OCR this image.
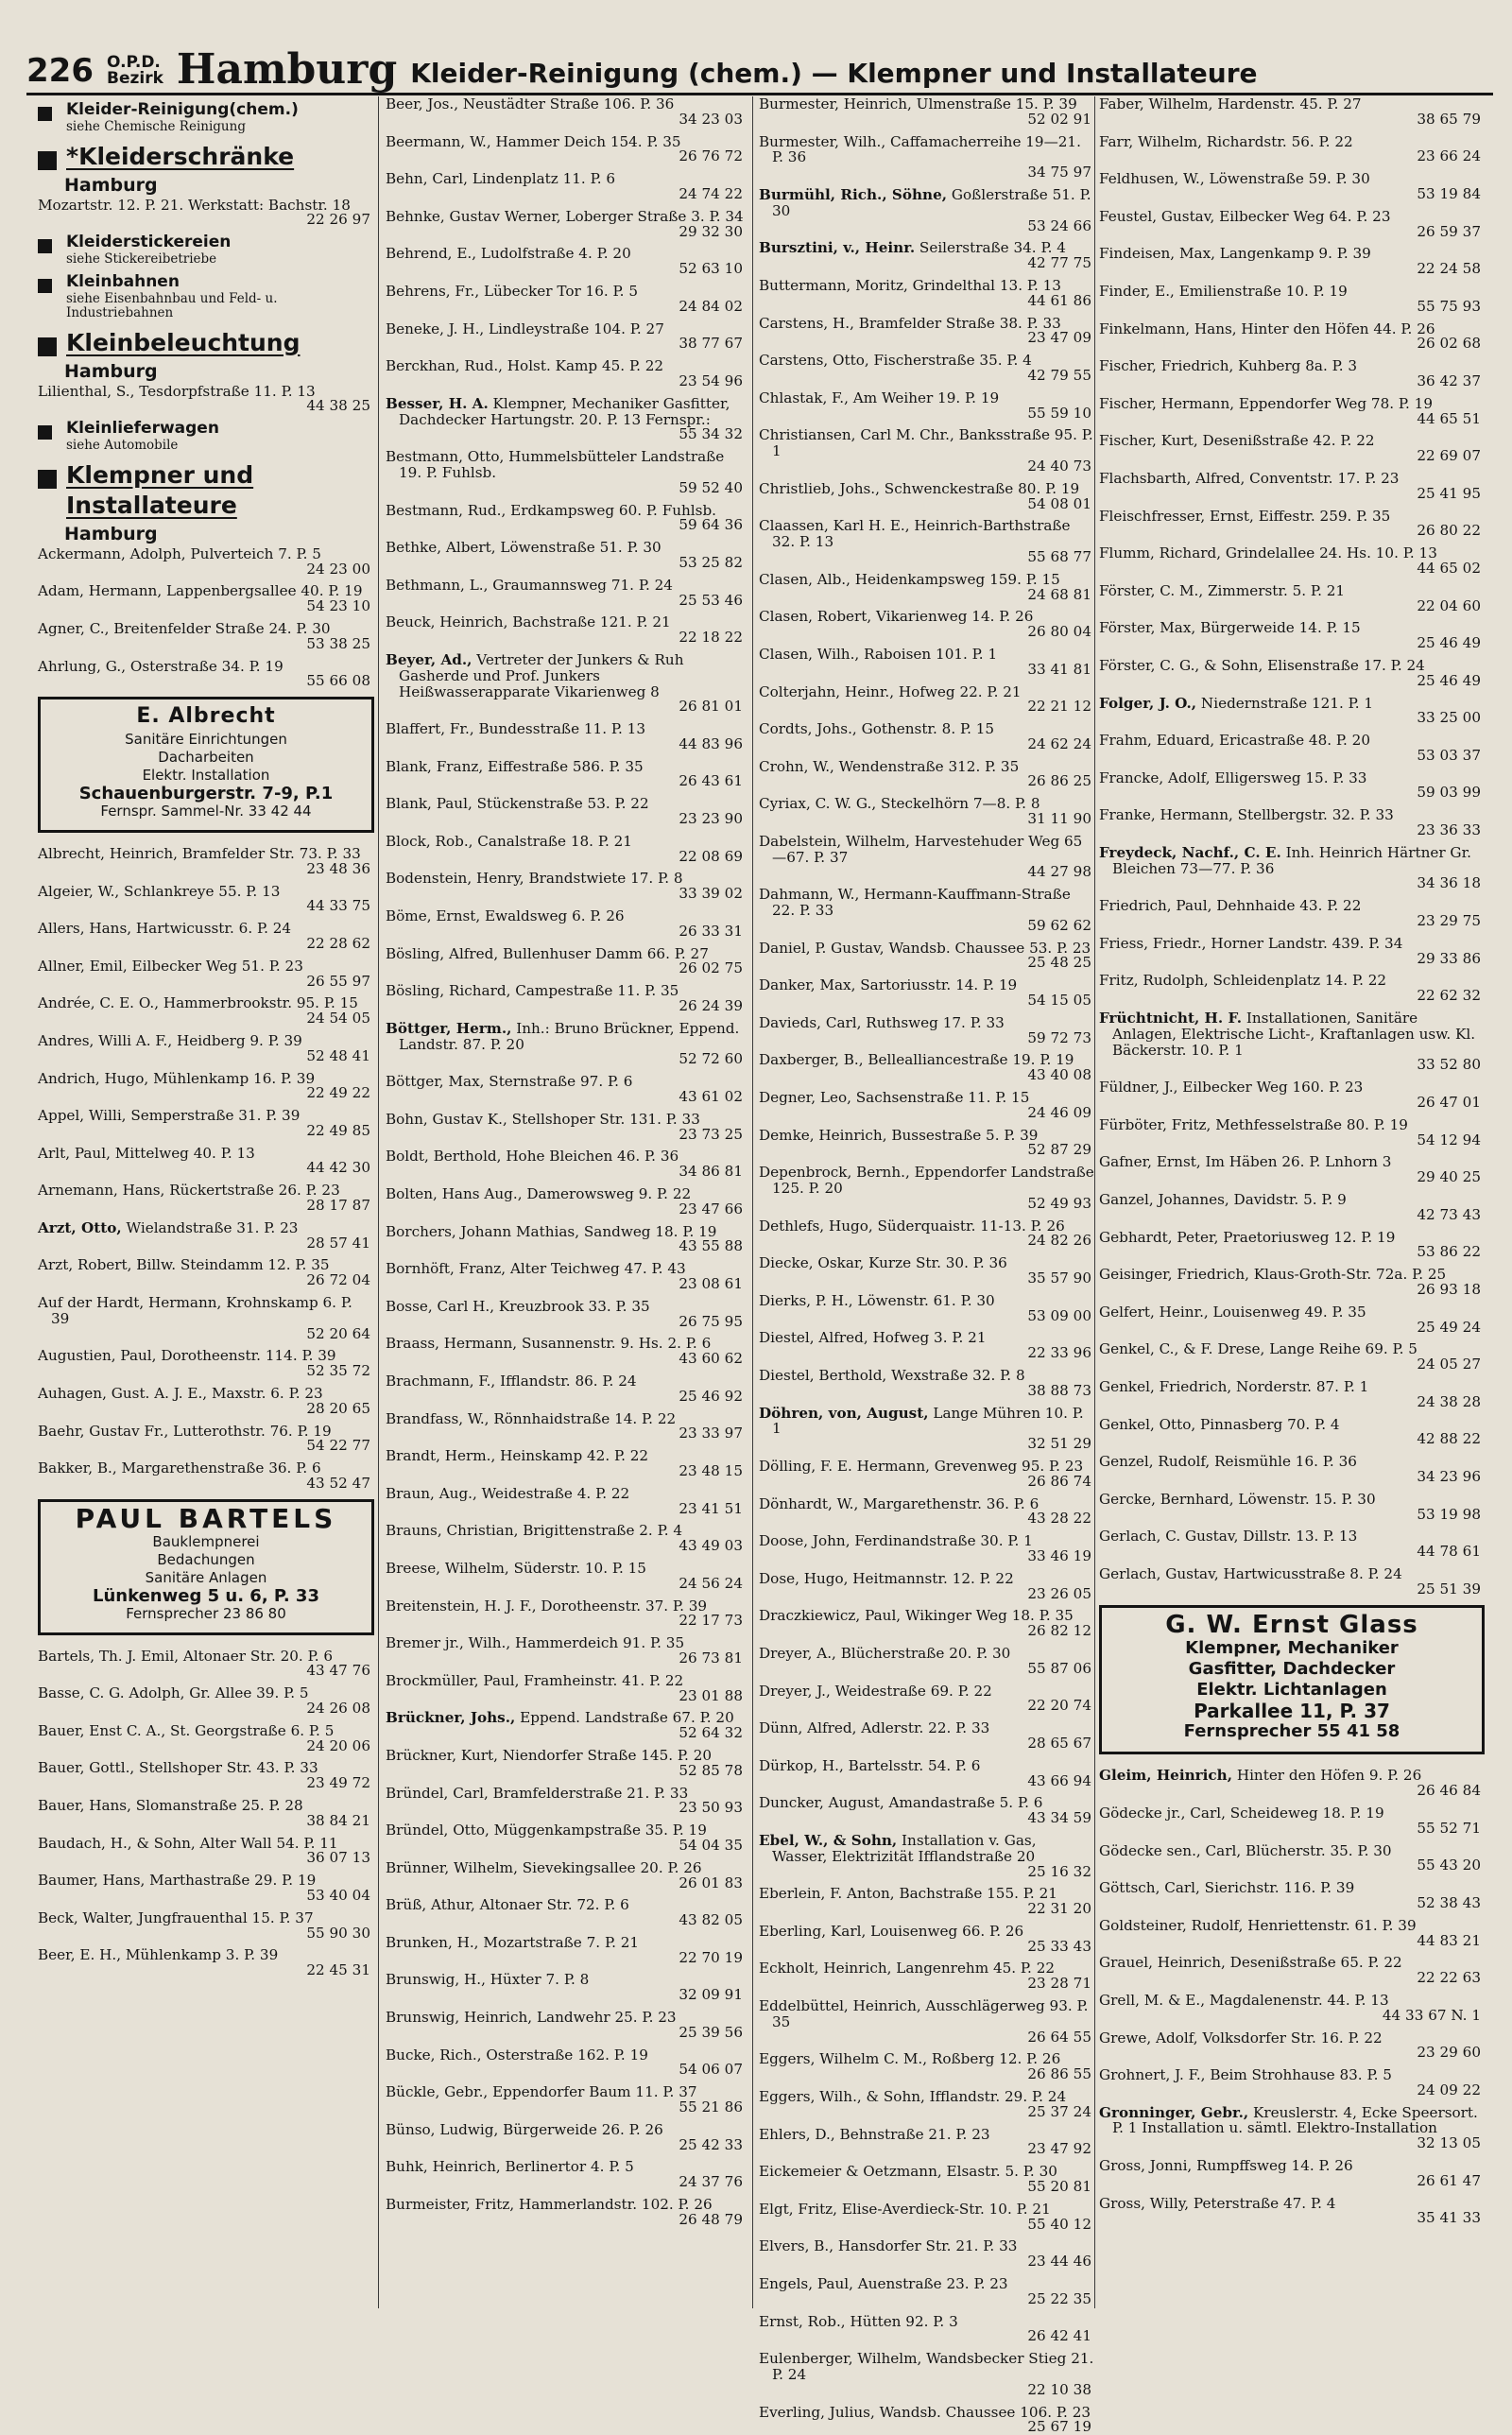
226 O.P.D.
Bezirk Hamburg Kleider-Reinigung (chem.) — Klempner und Installateure
Kleider-Reinigung(chem.)
siehe Chemische Reinigung
*Kleiderschränke
Hamburg
Mozartstr. 12. P. 21. Werkstatt: Bachstr. 18
22 26 97
Kleiderstickereien
siehe Stickereibetriebe
Kleinbahnen
siehe Eisenbahnbau und Feld- u. Industriebahnen
Kleinbeleuchtung
Hamburg
Lilienthal, S., Tesdorpfstraße 11. P. 13
44 38 25
Kleinlieferwagen
siehe Automobile
Klempner und Installateure
Hamburg
Ackermann, Adolph, Pulverteich 7. P. 5
24 23 00
Adam, Hermann, Lappenbergsallee 40. P. 19
54 23 10
Agner, C., Breitenfelder Straße 24. P. 30
53 38 25
Ahrlung, G., Osterstraße 34. P. 19
55 66 08
E. Albrecht
Sanitäre Einrichtungen
Dacharbeiten
Elektr. Installation
Schauenburgerstr. 7-9, P.1
Fernspr. Sammel-Nr. 33 42 44
Albrecht, Heinrich, Bramfelder Str. 73. P. 33
23 48 36
Algeier, W., Schlankreye 55. P. 13
44 33 75
Allers, Hans, Hartwicusstr. 6. P. 24
22 28 62
Allner, Emil, Eilbecker Weg 51. P. 23
26 55 97
Andrée, C. E. O., Hammerbrookstr. 95. P. 15
24 54 05
Andres, Willi A. F., Heidberg 9. P. 39
52 48 41
Andrich, Hugo, Mühlenkamp 16. P. 39
22 49 22
Appel, Willi, Semperstraße 31. P. 39
22 49 85
Arlt, Paul, Mittelweg 40. P. 13
44 42 30
Arnemann, Hans, Rückertstraße 26. P. 23
28 17 87
Arzt, Otto, Wielandstraße 31. P. 23
28 57 41
Arzt, Robert, Billw. Steindamm 12. P. 35
26 72 04
Auf der Hardt, Hermann, Krohnskamp 6. P. 39
52 20 64
Augustien, Paul, Dorotheenstr. 114. P. 39
52 35 72
Auhagen, Gust. A. J. E., Maxstr. 6. P. 23
28 20 65
Baehr, Gustav Fr., Lutterothstr. 76. P. 19
54 22 77
Bakker, B., Margarethenstraße 36. P. 6
43 52 47
PAUL BARTELS
Bauklempnerei
Bedachungen
Sanitäre Anlagen
Lünkenweg 5 u. 6, P. 33
Fernsprecher 23 86 80
Bartels, Th. J. Emil, Altonaer Str. 20. P. 6
43 47 76
Basse, C. G. Adolph, Gr. Allee 39. P. 5
24 26 08
Bauer, Enst C. A., St. Georgstraße 6. P. 5
24 20 06
Bauer, Gottl., Stellshoper Str. 43. P. 33
23 49 72
Bauer, Hans, Slomanstraße 25. P. 28
38 84 21
Baudach, H., & Sohn, Alter Wall 54. P. 11
36 07 13
Baumer, Hans, Marthastraße 29. P. 19
53 40 04
Beck, Walter, Jungfrauenthal 15. P. 37
55 90 30
Beer, E. H., Mühlenkamp 3. P. 39
22 45 31
Beer, Jos., Neustädter Straße 106. P. 36
34 23 03
Beermann, W., Hammer Deich 154. P. 35
26 76 72
Behn, Carl, Lindenplatz 11. P. 6
24 74 22
Behnke, Gustav Werner, Loberger Straße 3. P. 34
29 32 30
Behrend, E., Ludolfstraße 4. P. 20
52 63 10
Behrens, Fr., Lübecker Tor 16. P. 5
24 84 02
Beneke, J. H., Lindleystraße 104. P. 27
38 77 67
Berckhan, Rud., Holst. Kamp 45. P. 22
23 54 96
Besser, H. A. Klempner, Mechaniker Gasfitter, Dachdecker Hartungstr. 20. P. 13 Fernspr.:
55 34 32
Bestmann, Otto, Hummelsbütteler Landstraße 19. P. Fuhlsb.
59 52 40
Bestmann, Rud., Erdkampsweg 60. P. Fuhlsb.
59 64 36
Bethke, Albert, Löwenstraße 51. P. 30
53 25 82
Bethmann, L., Graumannsweg 71. P. 24
25 53 46
Beuck, Heinrich, Bachstraße 121. P. 21
22 18 22
Beyer, Ad., Vertreter der Junkers & Ruh Gasherde und Prof. Junkers Heißwasserapparate Vikarienweg 8
26 81 01
Blaffert, Fr., Bundesstraße 11. P. 13
44 83 96
Blank, Franz, Eiffestraße 586. P. 35
26 43 61
Blank, Paul, Stückenstraße 53. P. 22
23 23 90
Block, Rob., Canalstraße 18. P. 21
22 08 69
Bodenstein, Henry, Brandstwiete 17. P. 8
33 39 02
Böme, Ernst, Ewaldsweg 6. P. 26
26 33 31
Bösling, Alfred, Bullenhuser Damm 66. P. 27
26 02 75
Bösling, Richard, Campestraße 11. P. 35
26 24 39
Böttger, Herm., Inh.: Bruno Brückner, Eppend. Landstr. 87. P. 20
52 72 60
Böttger, Max, Sternstraße 97. P. 6
43 61 02
Bohn, Gustav K., Stellshoper Str. 131. P. 33
23 73 25
Boldt, Berthold, Hohe Bleichen 46. P. 36
34 86 81
Bolten, Hans Aug., Damerowsweg 9. P. 22
23 47 66
Borchers, Johann Mathias, Sandweg 18. P. 19
43 55 88
Bornhöft, Franz, Alter Teichweg 47. P. 43
23 08 61
Bosse, Carl H., Kreuzbrook 33. P. 35
26 75 95
Braass, Hermann, Susannenstr. 9. Hs. 2. P. 6
43 60 62
Brachmann, F., Ifflandstr. 86. P. 24
25 46 92
Brandfass, W., Rönnhaidstraße 14. P. 22
23 33 97
Brandt, Herm., Heinskamp 42. P. 22
23 48 15
Braun, Aug., Weidestraße 4. P. 22
23 41 51
Brauns, Christian, Brigittenstraße 2. P. 4
43 49 03
Breese, Wilhelm, Süderstr. 10. P. 15
24 56 24
Breitenstein, H. J. F., Dorotheenstr. 37. P. 39
22 17 73
Bremer jr., Wilh., Hammerdeich 91. P. 35
26 73 81
Brockmüller, Paul, Framheinstr. 41. P. 22
23 01 88
Brückner, Johs., Eppend. Landstraße 67. P. 20
52 64 32
Brückner, Kurt, Niendorfer Straße 145. P. 20
52 85 78
Bründel, Carl, Bramfelderstraße 21. P. 33
23 50 93
Bründel, Otto, Müggenkampstraße 35. P. 19
54 04 35
Brünner, Wilhelm, Sievekingsallee 20. P. 26
26 01 83
Brüß, Athur, Altonaer Str. 72. P. 6
43 82 05
Brunken, H., Mozartstraße 7. P. 21
22 70 19
Brunswig, H., Hüxter 7. P. 8
32 09 91
Brunswig, Heinrich, Landwehr 25. P. 23
25 39 56
Bucke, Rich., Osterstraße 162. P. 19
54 06 07
Bückle, Gebr., Eppendorfer Baum 11. P. 37
55 21 86
Bünso, Ludwig, Bürgerweide 26. P. 26
25 42 33
Buhk, Heinrich, Berlinertor 4. P. 5
24 37 76
Burmeister, Fritz, Hammerlandstr. 102. P. 26
26 48 79
Burmester, Heinrich, Ulmenstraße 15. P. 39
52 02 91
Burmester, Wilh., Caffamacherreihe 19—21. P. 36
34 75 97
Burmühl, Rich., Söhne, Goßlerstraße 51. P. 30
53 24 66
Bursztini, v., Heinr. Seilerstraße 34. P. 4
42 77 75
Buttermann, Moritz, Grindelthal 13. P. 13
44 61 86
Carstens, H., Bramfelder Straße 38. P. 33
23 47 09
Carstens, Otto, Fischerstraße 35. P. 4
42 79 55
Chlastak, F., Am Weiher 19. P. 19
55 59 10
Christiansen, Carl M. Chr., Banksstraße 95. P. 1
24 40 73
Christlieb, Johs., Schwenckestraße 80. P. 19
54 08 01
Claassen, Karl H. E., Heinrich-Barthstraße 32. P. 13
55 68 77
Clasen, Alb., Heidenkampsweg 159. P. 15
24 68 81
Clasen, Robert, Vikarienweg 14. P. 26
26 80 04
Clasen, Wilh., Raboisen 101. P. 1
33 41 81
Colterjahn, Heinr., Hofweg 22. P. 21
22 21 12
Cordts, Johs., Gothenstr. 8. P. 15
24 62 24
Crohn, W., Wendenstraße 312. P. 35
26 86 25
Cyriax, C. W. G., Steckelhörn 7—8. P. 8
31 11 90
Dabelstein, Wilhelm, Harvestehuder Weg 65—67. P. 37
44 27 98
Dahmann, W., Hermann-Kauffmann-Straße 22. P. 33
59 62 62
Daniel, P. Gustav, Wandsb. Chaussee 53. P. 23
25 48 25
Danker, Max, Sartoriusstr. 14. P. 19
54 15 05
Davieds, Carl, Ruthsweg 17. P. 33
59 72 73
Daxberger, B., Bellealliancestraße 19. P. 19
43 40 08
Degner, Leo, Sachsenstraße 11. P. 15
24 46 09
Demke, Heinrich, Bussestraße 5. P. 39
52 87 29
Depenbrock, Bernh., Eppendorfer Landstraße 125. P. 20
52 49 93
Dethlefs, Hugo, Süderquaistr. 11-13. P. 26
24 82 26
Diecke, Oskar, Kurze Str. 30. P. 36
35 57 90
Dierks, P. H., Löwenstr. 61. P. 30
53 09 00
Diestel, Alfred, Hofweg 3. P. 21
22 33 96
Diestel, Berthold, Wexstraße 32. P. 8
38 88 73
Döhren, von, August, Lange Mühren 10. P. 1
32 51 29
Dölling, F. E. Hermann, Grevenweg 95. P. 23
26 86 74
Dönhardt, W., Margarethenstr. 36. P. 6
43 28 22
Doose, John, Ferdinandstraße 30. P. 1
33 46 19
Dose, Hugo, Heitmannstr. 12. P. 22
23 26 05
Draczkiewicz, Paul, Wikinger Weg 18. P. 35
26 82 12
Dreyer, A., Blücherstraße 20. P. 30
55 87 06
Dreyer, J., Weidestraße 69. P. 22
22 20 74
Dünn, Alfred, Adlerstr. 22. P. 33
28 65 67
Dürkop, H., Bartelsstr. 54. P. 6
43 66 94
Duncker, August, Amandastraße 5. P. 6
43 34 59
Ebel, W., & Sohn, Installation v. Gas, Wasser, Elektrizität Ifflandstraße 20
25 16 32
Eberlein, F. Anton, Bachstraße 155. P. 21
22 31 20
Eberling, Karl, Louisenweg 66. P. 26
25 33 43
Eckholt, Heinrich, Langenrehm 45. P. 22
23 28 71
Eddelbüttel, Heinrich, Ausschlägerweg 93. P. 35
26 64 55
Eggers, Wilhelm C. M., Roßberg 12. P. 26
26 86 55
Eggers, Wilh., & Sohn, Ifflandstr. 29. P. 24
25 37 24
Ehlers, D., Behnstraße 21. P. 23
23 47 92
Eickemeier & Oetzmann, Elsastr. 5. P. 30
55 20 81
Elgt, Fritz, Elise-Averdieck-Str. 10. P. 21
55 40 12
Elvers, B., Hansdorfer Str. 21. P. 33
23 44 46
Engels, Paul, Auenstraße 23. P. 23
25 22 35
Ernst, Rob., Hütten 92. P. 3
26 42 41
Eulenberger, Wilhelm, Wandsbecker Stieg 21. P. 24
22 10 38
Everling, Julius, Wandsb. Chaussee 106. P. 23
25 67 19
Faber, Wilhelm, Hardenstr. 45. P. 27
38 65 79
Farr, Wilhelm, Richardstr. 56. P. 22
23 66 24
Feldhusen, W., Löwenstraße 59. P. 30
53 19 84
Feustel, Gustav, Eilbecker Weg 64. P. 23
26 59 37
Findeisen, Max, Langenkamp 9. P. 39
22 24 58
Finder, E., Emilienstraße 10. P. 19
55 75 93
Finkelmann, Hans, Hinter den Höfen 44. P. 26
26 02 68
Fischer, Friedrich, Kuhberg 8a. P. 3
36 42 37
Fischer, Hermann, Eppendorfer Weg 78. P. 19
44 65 51
Fischer, Kurt, Desenißstraße 42. P. 22
22 69 07
Flachsbarth, Alfred, Conventstr. 17. P. 23
25 41 95
Fleischfresser, Ernst, Eiffestr. 259. P. 35
26 80 22
Flumm, Richard, Grindelallee 24. Hs. 10. P. 13
44 65 02
Förster, C. M., Zimmerstr. 5. P. 21
22 04 60
Förster, Max, Bürgerweide 14. P. 15
25 46 49
Förster, C. G., & Sohn, Elisenstraße 17. P. 24
25 46 49
Folger, J. O., Niedernstraße 121. P. 1
33 25 00
Frahm, Eduard, Ericastraße 48. P. 20
53 03 37
Francke, Adolf, Elligersweg 15. P. 33
59 03 99
Franke, Hermann, Stellbergstr. 32. P. 33
23 36 33
Freydeck, Nachf., C. E. Inh. Heinrich Härtner Gr. Bleichen 73—77. P. 36
34 36 18
Friedrich, Paul, Dehnhaide 43. P. 22
23 29 75
Friess, Friedr., Horner Landstr. 439. P. 34
29 33 86
Fritz, Rudolph, Schleidenplatz 14. P. 22
22 62 32
Früchtnicht, H. F. Installationen, Sanitäre Anlagen, Elektrische Licht-, Kraftanlagen usw. Kl. Bäckerstr. 10. P. 1
33 52 80
Füldner, J., Eilbecker Weg 160. P. 23
26 47 01
Fürböter, Fritz, Methfesselstraße 80. P. 19
54 12 94
Gafner, Ernst, Im Häben 26. P. Lnhorn 3
29 40 25
Ganzel, Johannes, Davidstr. 5. P. 9
42 73 43
Gebhardt, Peter, Praetoriusweg 12. P. 19
53 86 22
Geisinger, Friedrich, Klaus-Groth-Str. 72a. P. 25
26 93 18
Gelfert, Heinr., Louisenweg 49. P. 35
25 49 24
Genkel, C., & F. Drese, Lange Reihe 69. P. 5
24 05 27
Genkel, Friedrich, Norderstr. 87. P. 1
24 38 28
Genkel, Otto, Pinnasberg 70. P. 4
42 88 22
Genzel, Rudolf, Reismühle 16. P. 36
34 23 96
Gercke, Bernhard, Löwenstr. 15. P. 30
53 19 98
Gerlach, C. Gustav, Dillstr. 13. P. 13
44 78 61
Gerlach, Gustav, Hartwicusstraße 8. P. 24
25 51 39
G. W. Ernst Glass
Klempner, Mechaniker
Gasfitter, Dachdecker
Elektr. Lichtanlagen
Parkallee 11, P. 37
Fernsprecher 55 41 58
Gleim, Heinrich, Hinter den Höfen 9. P. 26
26 46 84
Gödecke jr., Carl, Scheideweg 18. P. 19
55 52 71
Gödecke sen., Carl, Blücherstr. 35. P. 30
55 43 20
Göttsch, Carl, Sierichstr. 116. P. 39
52 38 43
Goldsteiner, Rudolf, Henriettenstr. 61. P. 39
44 83 21
Grauel, Heinrich, Desenißstraße 65. P. 22
22 22 63
Grell, M. & E., Magdalenenstr. 44. P. 13
44 33 67 N. 1
Grewe, Adolf, Volksdorfer Str. 16. P. 22
23 29 60
Grohnert, J. F., Beim Strohhause 83. P. 5
24 09 22
Gronninger, Gebr., Kreuslerstr. 4, Ecke Speersort. P. 1 Installation u. sämtl. Elektro-Installation
32 13 05
Gross, Jonni, Rumpffsweg 14. P. 26
26 61 47
Gross, Willy, Peterstraße 47. P. 4
35 41 33
